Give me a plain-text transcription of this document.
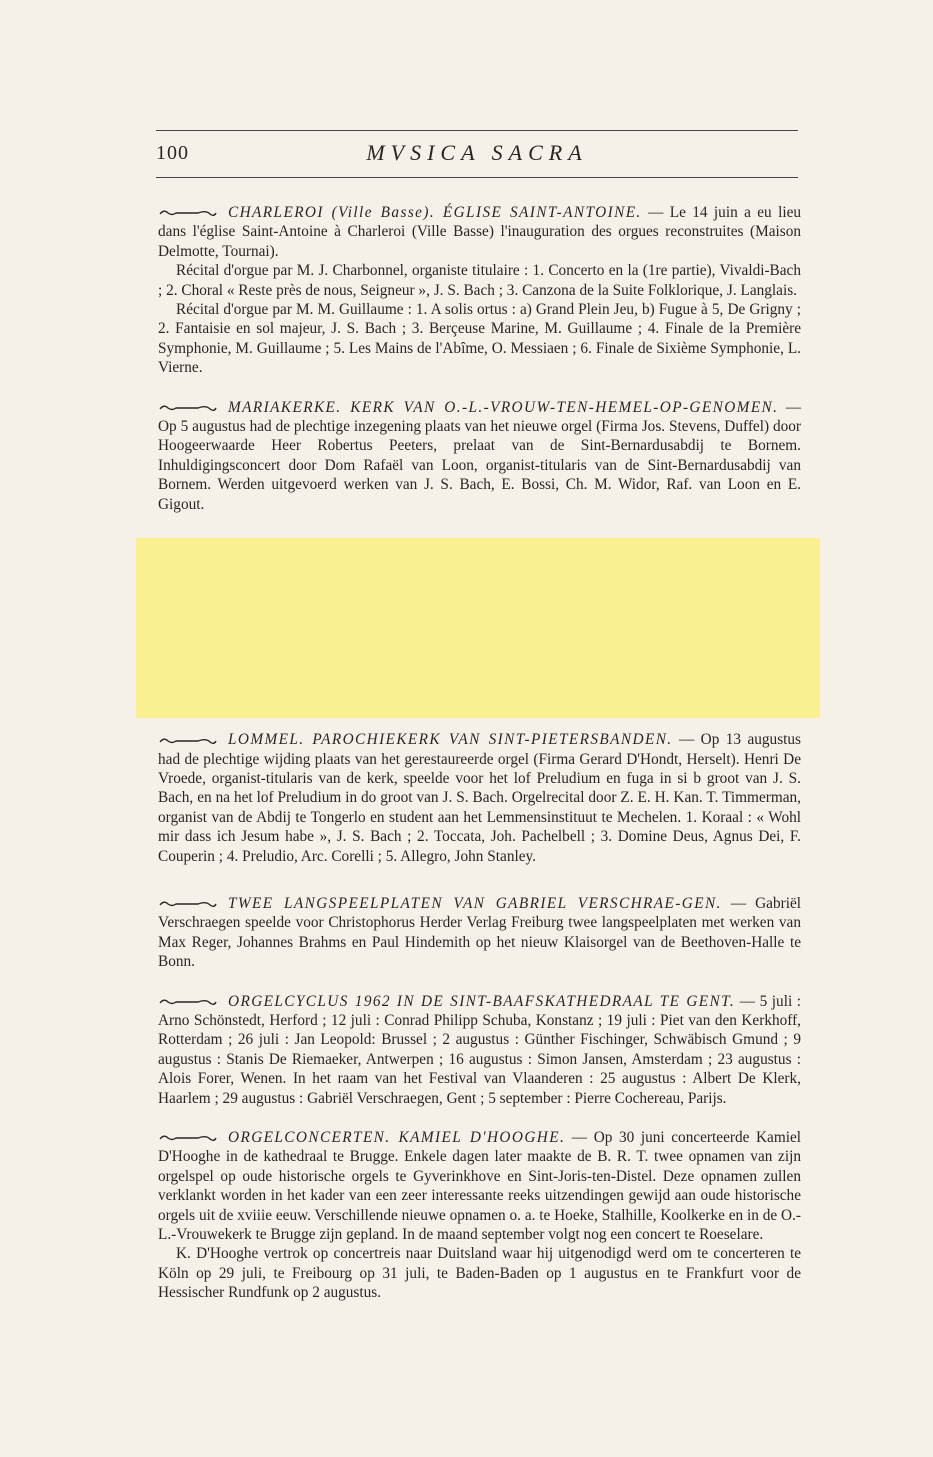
100	MVSICA SACRA

CHARLEROI (Ville Basse). ÉGLISE SAINT-ANTOINE. — Le 14 juin a eu lieu dans l'église Saint-Antoine à Charleroi (Ville Basse) l'inauguration des orgues reconstruites (Maison Delmotte, Tournai).

Récital d'orgue par M. J. Charbonnel, organiste titulaire : 1. Concerto en la (1re partie), Vivaldi-Bach ; 2. Choral « Reste près de nous, Seigneur », J. S. Bach ; 3. Canzona de la Suite Folklorique, J. Langlais.

Récital d'orgue par M. M. Guillaume : 1. A solis ortus : a) Grand Plein Jeu, b) Fugue à 5, De Grigny ; 2. Fantaisie en sol majeur, J. S. Bach ; 3. Berçeuse Marine, M. Guillaume ; 4. Finale de la Première Symphonie, M. Guillaume ; 5. Les Mains de l'Abîme, O. Messiaen ; 6. Finale de Sixième Symphonie, L. Vierne.

MARIAKERKE. KERK VAN O.-L.-VROUW-TEN-HEMEL-OP-GENOMEN. — Op 5 augustus had de plechtige inzegening plaats van het nieuwe orgel (Firma Jos. Stevens, Duffel) door Hoogeerwaarde Heer Robertus Peeters, prelaat van de Sint-Bernardusabdij te Bornem. Inhuldigingsconcert door Dom Rafaël van Loon, organist-titularis van de Sint-Bernardusabdij van Bornem. Werden uitgevoerd werken van J. S. Bach, E. Bossi, Ch. M. Widor, Raf. van Loon en E. Gigout.

LOMMEL. PAROCHIEKERK VAN SINT-PIETERSBANDEN. — Op 13 augustus had de plechtige wijding plaats van het gerestaureerde orgel (Firma Gerard D'Hondt, Herselt). Henri De Vroede, organist-titularis van de kerk, speelde voor het lof Preludium en fuga in si b groot van J. S. Bach, en na het lof Preludium in do groot van J. S. Bach. Orgelrecital door Z. E. H. Kan. T. Timmerman, organist van de Abdij te Tongerlo en student aan het Lemmensinstituut te Mechelen. 1. Koraal : « Wohl mir dass ich Jesum habe », J. S. Bach ; 2. Toccata, Joh. Pachelbell ; 3. Domine Deus, Agnus Dei, F. Couperin ; 4. Preludio, Arc. Corelli ; 5. Allegro, John Stanley.

TWEE LANGSPEELPLATEN VAN GABRIEL VERSCHRAE-GEN. — Gabriël Verschraegen speelde voor Christophorus Herder Verlag Freiburg twee langspeelplaten met werken van Max Reger, Johannes Brahms en Paul Hindemith op het nieuw Klaisorgel van de Beethoven-Halle te Bonn.

ORGELCYCLUS 1962 IN DE SINT-BAAFSKATHEDRAAL TE GENT. — 5 juli : Arno Schönstedt, Herford ; 12 juli : Conrad Philipp Schuba, Konstanz ; 19 juli : Piet van den Kerkhoff, Rotterdam ; 26 juli : Jan Leopold: Brussel ; 2 augustus : Günther Fischinger, Schwäbisch Gmund ; 9 augustus : Stanis De Riemaeker, Antwerpen ; 16 augustus : Simon Jansen, Amsterdam ; 23 augustus : Alois Forer, Wenen. In het raam van het Festival van Vlaanderen : 25 augustus : Albert De Klerk, Haarlem ; 29 augustus : Gabriël Verschraegen, Gent ; 5 september : Pierre Cochereau, Parijs.

ORGELCONCERTEN. KAMIEL D'HOOGHE. — Op 30 juni concerteerde Kamiel D'Hooghe in de kathedraal te Brugge. Enkele dagen later maakte de B. R. T. twee opnamen van zijn orgelspel op oude historische orgels te Gyverinkhove en Sint-Joris-ten-Distel. Deze opnamen zullen verklankt worden in het kader van een zeer interessante reeks uitzendingen gewijd aan oude historische orgels uit de xviiie eeuw. Verschillende nieuwe opnamen o. a. te Hoeke, Stalhille, Koolkerke en in de O.-L.-Vrouwekerk te Brugge zijn gepland. In de maand september volgt nog een concert te Roeselare.

K. D'Hooghe vertrok op concertreis naar Duitsland waar hij uitgenodigd werd om te concerteren te Köln op 29 juli, te Freibourg op 31 juli, te Baden-Baden op 1 augustus en te Frankfurt voor de Hessischer Rundfunk op 2 augustus.
